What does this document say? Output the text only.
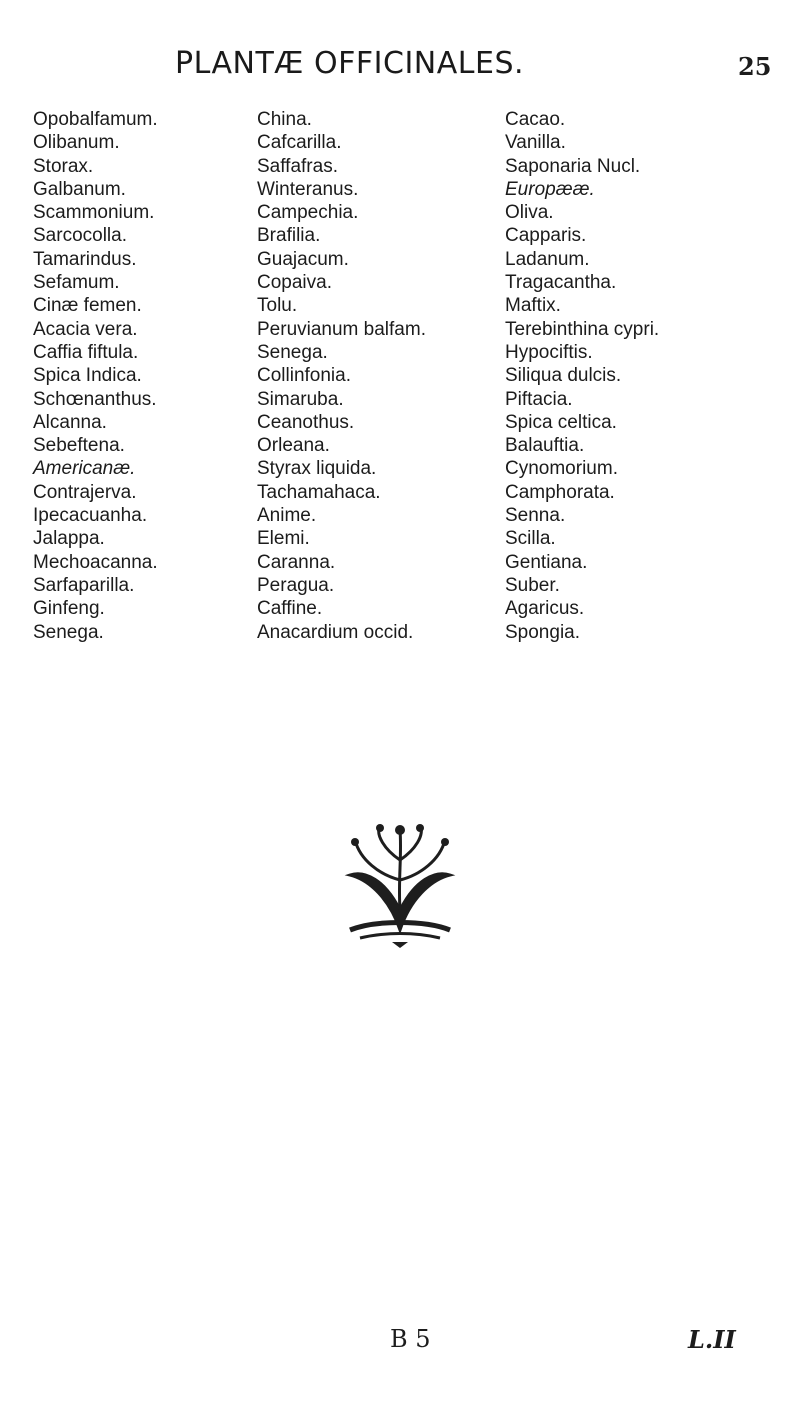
PLANTÆ OFFICINALES.	25
Opobalfamum.
Olibanum.
Storax.
Galbanum.
Scammonium.
Sarcocolla.
Tamarindus.
Sefamum.
Cinæ femen.
Acacia vera.
Caffia fiftula.
Spica Indica.
Schœnanthus.
Alcanna.
Sebeftena.
Americanæ.
Contrajerva.
Ipecacuanha.
Jalappa.
Mechoacanna.
Sarfaparilla.
Ginfeng.
Senega.
China.
Cafcarilla.
Saffafras.
Winteranus.
Campechia.
Brafilia.
Guajacum.
Copaiva.
Tolu.
Peruvianum balfam.
Senega.
Collinfonia.
Simaruba.
Ceanothus.
Orleana.
Styrax liquida.
Tachamahaca.
Anime.
Elemi.
Caranna.
Peragua.
Caffine.
Anacardium occid.
Cacao.
Vanilla.
Saponaria Nucl.
Europææ.
Oliva.
Capparis.
Ladanum.
Tragacantha.
Maftix.
Terebinthina cypri.
Hypociftis.
Siliqua dulcis.
Piftacia.
Spica celtica.
Balauftia.
Cynomorium.
Camphorata.
Senna.
Scilla.
Gentiana.
Suber.
Agaricus.
Spongia.
B 5	L.II
